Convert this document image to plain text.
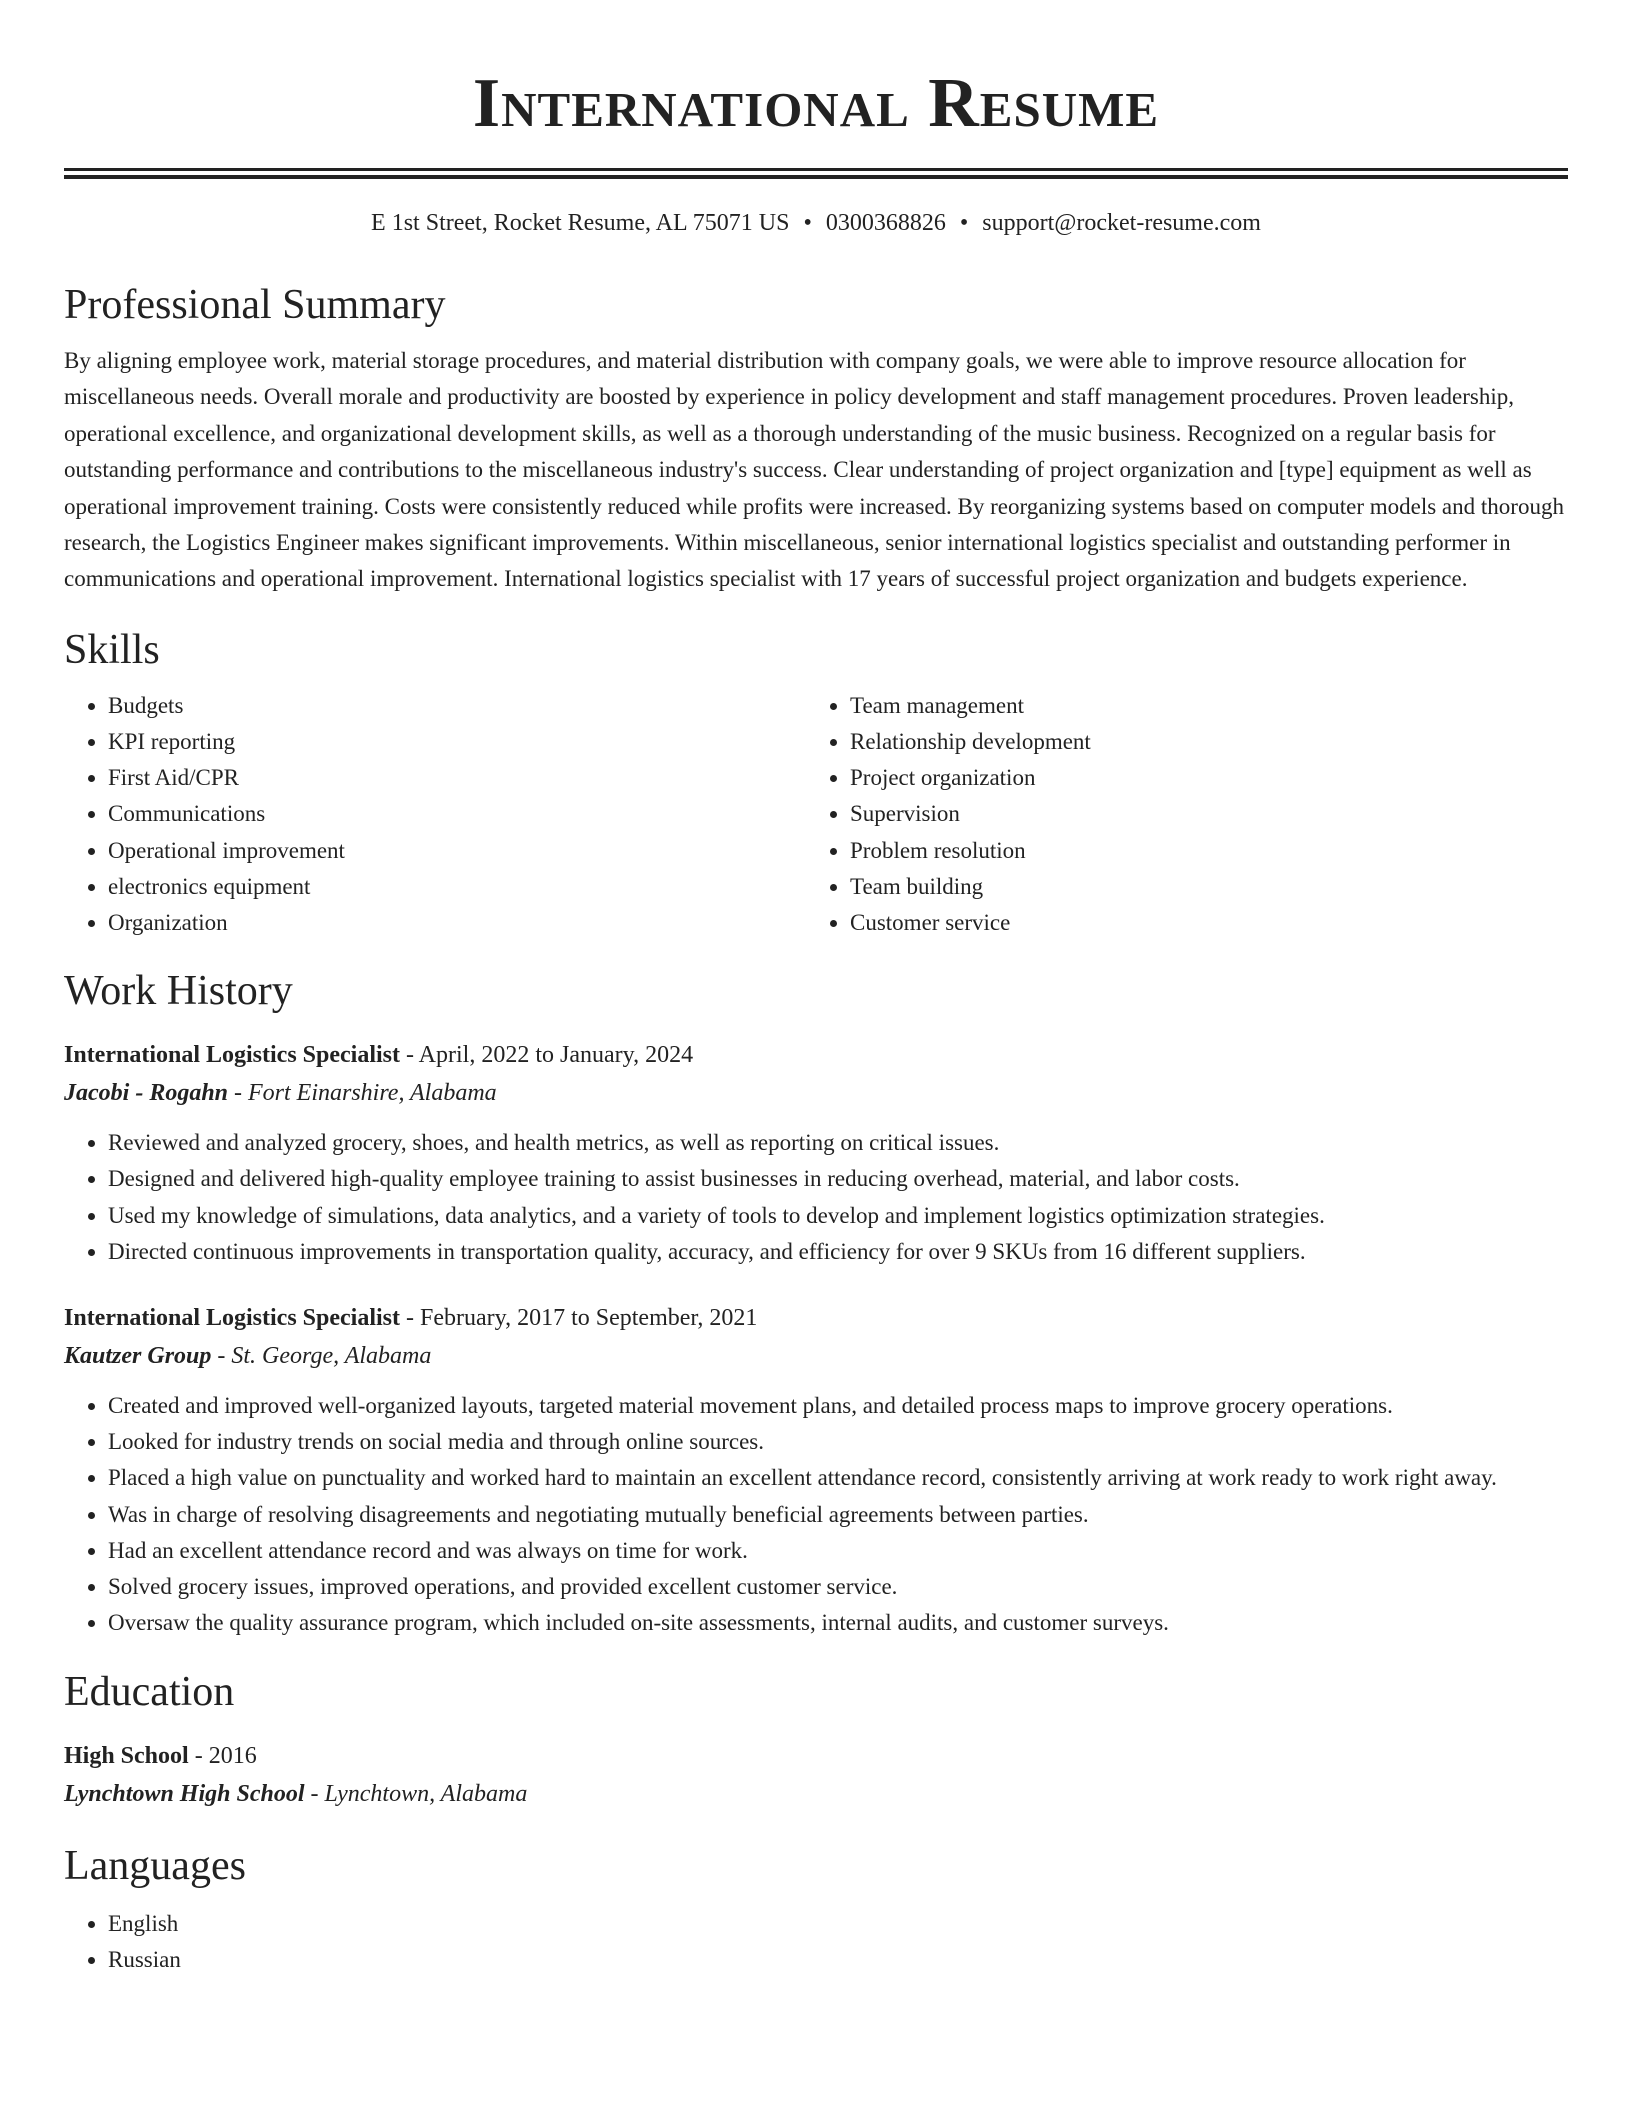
International Resume
E 1st Street, Rocket Resume, AL 75071 US • 0300368826 • support@rocket-resume.com
Professional Summary
By aligning employee work, material storage procedures, and material distribution with company goals, we were able to improve resource allocation for miscellaneous needs. Overall morale and productivity are boosted by experience in policy development and staff management procedures. Proven leadership, operational excellence, and organizational development skills, as well as a thorough understanding of the music business. Recognized on a regular basis for outstanding performance and contributions to the miscellaneous industry's success. Clear understanding of project organization and [type] equipment as well as operational improvement training. Costs were consistently reduced while profits were increased. By reorganizing systems based on computer models and thorough research, the Logistics Engineer makes significant improvements. Within miscellaneous, senior international logistics specialist and outstanding performer in communications and operational improvement. International logistics specialist with 17 years of successful project organization and budgets experience.
Skills
• Budgets
• KPI reporting
• First Aid/CPR
• Communications
• Operational improvement
• electronics equipment
• Organization
• Team management
• Relationship development
• Project organization
• Supervision
• Problem resolution
• Team building
• Customer service
Work History
International Logistics Specialist - April, 2022 to January, 2024
Jacobi - Rogahn - Fort Einarshire, Alabama
• Reviewed and analyzed grocery, shoes, and health metrics, as well as reporting on critical issues.
• Designed and delivered high-quality employee training to assist businesses in reducing overhead, material, and labor costs.
• Used my knowledge of simulations, data analytics, and a variety of tools to develop and implement logistics optimization strategies.
• Directed continuous improvements in transportation quality, accuracy, and efficiency for over 9 SKUs from 16 different suppliers.
International Logistics Specialist - February, 2017 to September, 2021
Kautzer Group - St. George, Alabama
• Created and improved well-organized layouts, targeted material movement plans, and detailed process maps to improve grocery operations.
• Looked for industry trends on social media and through online sources.
• Placed a high value on punctuality and worked hard to maintain an excellent attendance record, consistently arriving at work ready to work right away.
• Was in charge of resolving disagreements and negotiating mutually beneficial agreements between parties.
• Had an excellent attendance record and was always on time for work.
• Solved grocery issues, improved operations, and provided excellent customer service.
• Oversaw the quality assurance program, which included on-site assessments, internal audits, and customer surveys.
Education
High School - 2016
Lynchtown High School - Lynchtown, Alabama
Languages
• English
• Russian
